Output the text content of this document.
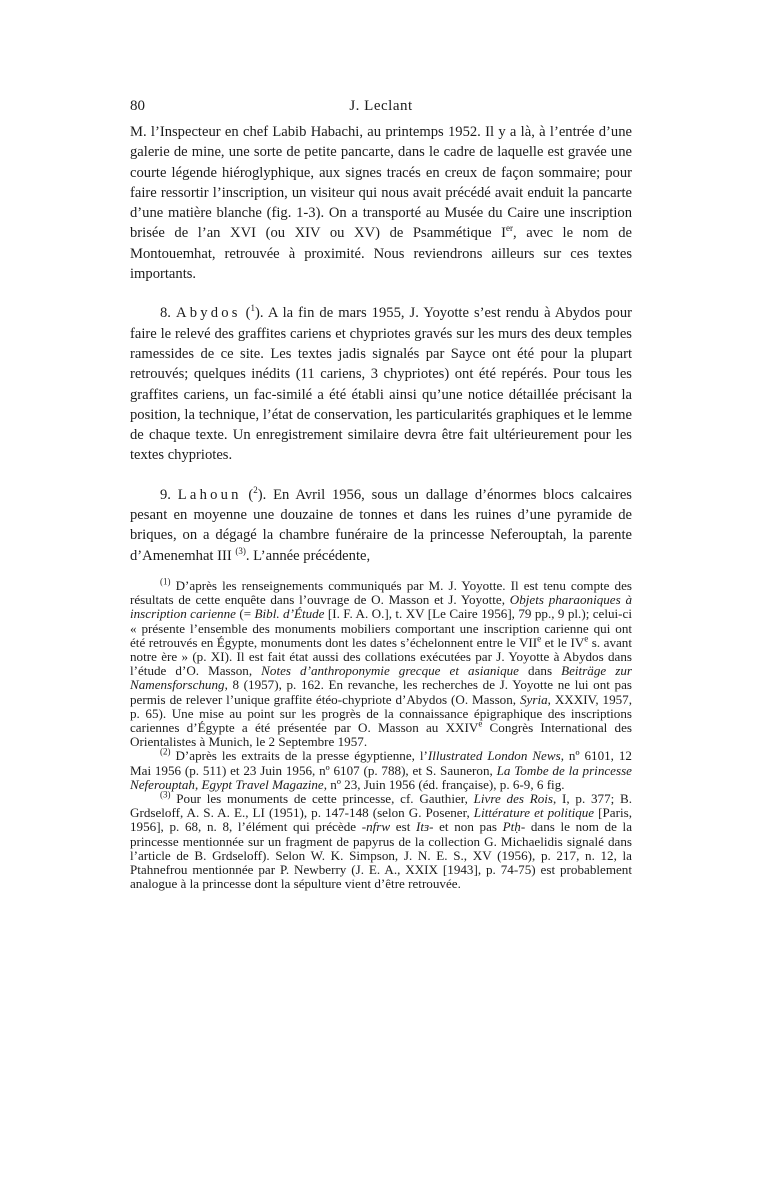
80	J. Leclant

M. l’Inspecteur en chef Labib Habachi, au printemps 1952. Il y a là, à l’entrée d’une galerie de mine, une sorte de petite pancarte, dans le cadre de laquelle est gravée une courte légende hiéroglyphique, aux signes tracés en creux de façon sommaire; pour faire ressortir l’inscription, un visiteur qui nous avait précédé avait enduit la pancarte d’une matière blanche (fig. 1-3). On a transporté au Musée du Caire une inscription brisée de l’an XVI (ou XIV ou XV) de Psammétique Ier, avec le nom de Montouemhat, retrouvée à proximité. Nous reviendrons ailleurs sur ces textes importants.

8. Abydos ($^1$). A la fin de mars 1955, J. Yoyotte s’est rendu à Abydos pour faire le relevé des graffites cariens et chypriotes gravés sur les murs des deux temples ramessides de ce site. Les textes jadis signalés par Sayce ont été pour la plupart retrouvés; quelques inédits (11 cariens, 3 chypriotes) ont été repérés. Pour tous les graffites cariens, un fac-similé a été établi ainsi qu’une notice détaillée précisant la position, la technique, l’état de conservation, les particularités graphiques et le lemme de chaque texte. Un enregistrement similaire devra être fait ultérieurement pour les textes chypriotes.

9. Lahoun ($^2$). En Avril 1956, sous un dallage d’énormes blocs calcaires pesant en moyenne une douzaine de tonnes et dans les ruines d’une pyramide de briques, on a dégagé la chambre funéraire de la princesse Neferouptah, la parente d’Amenemhat III $^{(3)}$. L’année précédente,

$^{(1)}$ D’après les renseignements communiqués par M. J. Yoyotte. Il est tenu compte des résultats de cette enquête dans l’ouvrage de O. Masson et J. Yoyotte, Objets pharaoniques à inscription carienne (= Bibl. d’Étude [I. F. A. O.], t. XV [Le Caire 1956], 79 pp., 9 pl.); celui-ci « présente l’ensemble des monuments mobiliers comportant une inscription carienne qui ont été retrouvés en Égypte, monuments dont les dates s’échelonnent entre le VIIe et le IVe s. avant notre ère » (p. XI). Il est fait état aussi des collations exécutées par J. Yoyotte à Abydos dans l’étude d’O. Masson, Notes d’anthroponymie grecque et asianique dans Beiträge zur Namensforschung, 8 (1957), p. 162. En revanche, les recherches de J. Yoyotte ne lui ont pas permis de relever l’unique graffite étéo-chypriote d’Abydos (O. Masson, Syria, XXXIV, 1957, p. 65). Une mise au point sur les progrès de la connaissance épigraphique des inscriptions cariennes d’Égypte a été présentée par O. Masson au XXIVe Congrès International des Orientalistes à Munich, le 2 Septembre 1957.

$^{(2)}$ D’après les extraits de la presse égyptienne, l’Illustrated London News, nº 6101, 12 Mai 1956 (p. 511) et 23 Juin 1956, nº 6107 (p. 788), et S. Sauneron, La Tombe de la princesse Neferouptah, Egypt Travel Magazine, nº 23, Juin 1956 (éd. française), p. 6-9, 6 fig.

$^{(3)}$ Pour les monuments de cette princesse, cf. Gauthier, Livre des Rois, I, p. 377; B. Grdseloff, A. S. A. E., LI (1951), p. 147-148 (selon G. Posener, Littérature et politique [Paris, 1956], p. 68, n. 8, l’élément qui précède -nfrw est Itɜ- et non pas Ptḥ- dans le nom de la princesse mentionnée sur un fragment de papyrus de la collection G. Michaelidis signalé dans l’article de B. Grdseloff). Selon W. K. Simpson, J. N. E. S., XV (1956), p. 217, n. 12, la Ptahnefrou mentionnée par P. Newberry (J. E. A., XXIX [1943], p. 74-75) est probablement analogue à la princesse dont la sépulture vient d’être retrouvée.
